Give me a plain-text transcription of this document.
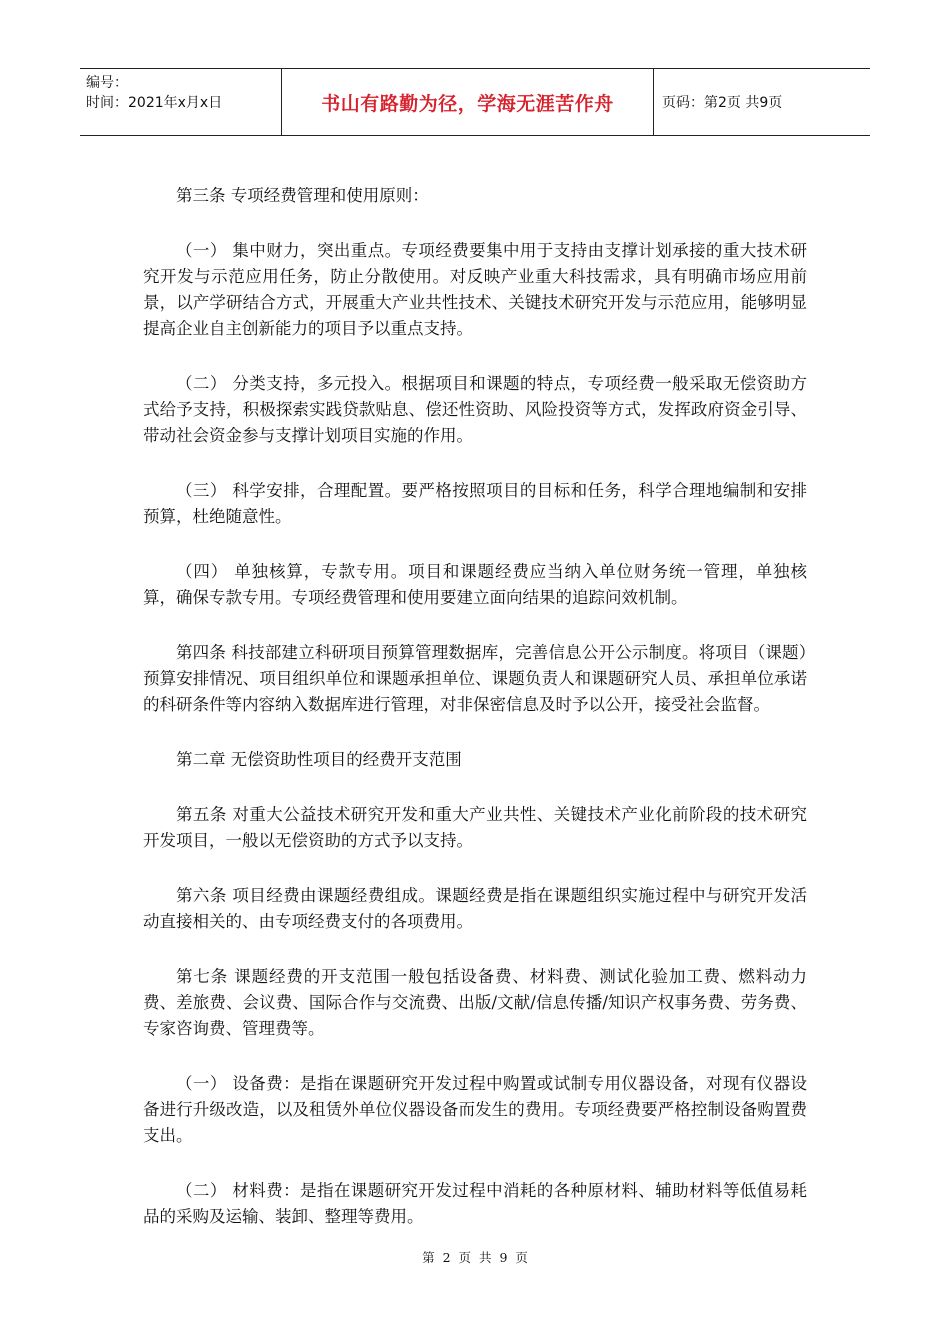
编号：
时间：2021年x月x日	书山有路勤为径，学海无涯苦作舟	页码：第2页 共9页

第三条 专项经费管理和使用原则：

（一） 集中财力，突出重点。专项经费要集中用于支持由支撑计划承接的重大技术研究开发与示范应用任务，防止分散使用。对反映产业重大科技需求，具有明确市场应用前景，以产学研结合方式，开展重大产业共性技术、关键技术研究开发与示范应用，能够明显提高企业自主创新能力的项目予以重点支持。

（二） 分类支持，多元投入。根据项目和课题的特点，专项经费一般采取无偿资助方式给予支持，积极探索实践贷款贴息、偿还性资助、风险投资等方式，发挥政府资金引导、带动社会资金参与支撑计划项目实施的作用。

（三） 科学安排，合理配置。要严格按照项目的目标和任务，科学合理地编制和安排预算，杜绝随意性。

（四） 单独核算，专款专用。项目和课题经费应当纳入单位财务统一管理，单独核算，确保专款专用。专项经费管理和使用要建立面向结果的追踪问效机制。

第四条 科技部建立科研项目预算管理数据库，完善信息公开公示制度。将项目（课题）预算安排情况、项目组织单位和课题承担单位、课题负责人和课题研究人员、承担单位承诺的科研条件等内容纳入数据库进行管理，对非保密信息及时予以公开，接受社会监督。

第二章 无偿资助性项目的经费开支范围

第五条 对重大公益技术研究开发和重大产业共性、关键技术产业化前阶段的技术研究开发项目，一般以无偿资助的方式予以支持。

第六条 项目经费由课题经费组成。课题经费是指在课题组织实施过程中与研究开发活动直接相关的、由专项经费支付的各项费用。

第七条 课题经费的开支范围一般包括设备费、材料费、测试化验加工费、燃料动力费、差旅费、会议费、国际合作与交流费、出版/文献/信息传播/知识产权事务费、劳务费、专家咨询费、管理费等。

（一） 设备费：是指在课题研究开发过程中购置或试制专用仪器设备，对现有仪器设备进行升级改造，以及租赁外单位仪器设备而发生的费用。专项经费要严格控制设备购置费支出。

（二） 材料费：是指在课题研究开发过程中消耗的各种原材料、辅助材料等低值易耗品的采购及运输、装卸、整理等费用。

第 2 页 共 9 页
